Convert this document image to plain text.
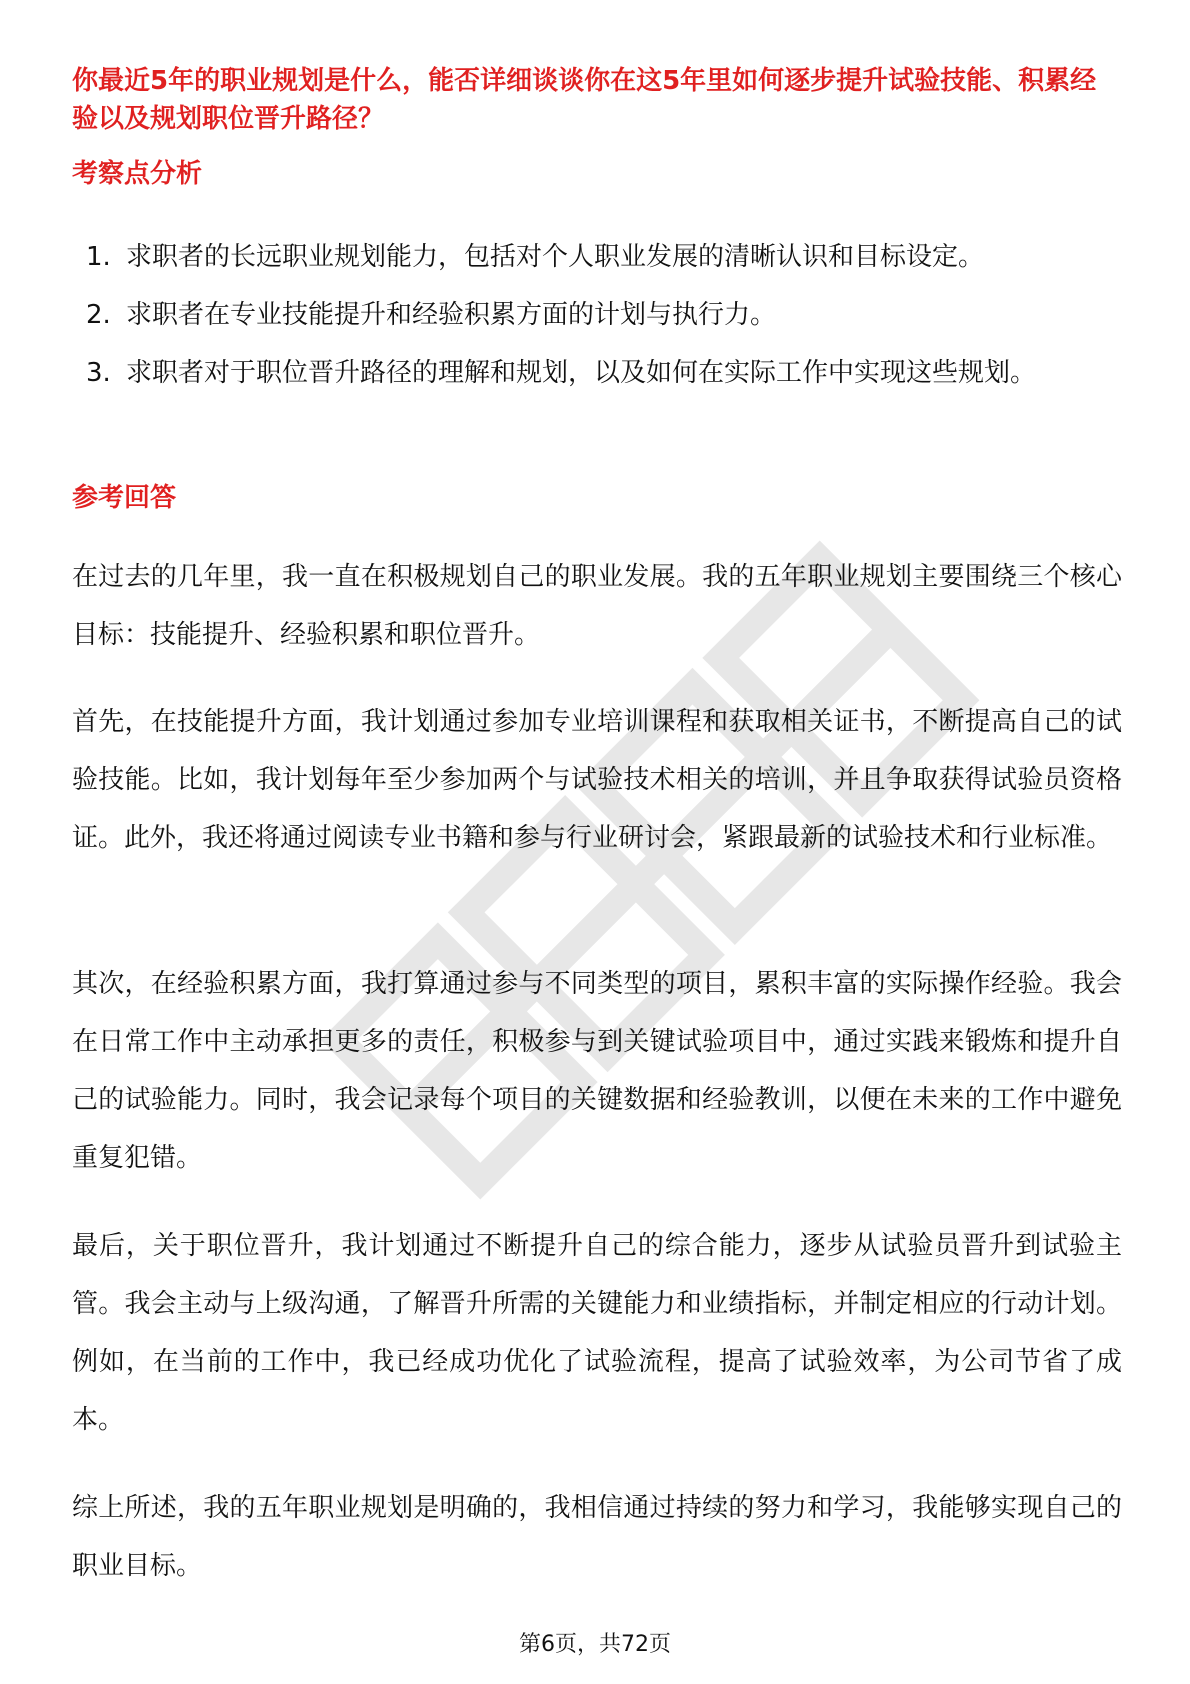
你最近5年的职业规划是什么，能否详细谈谈你在这5年里如何逐步提升试验技能、积累经验以及规划职位晋升路径？
考察点分析
1. 求职者的长远职业规划能力，包括对个人职业发展的清晰认识和目标设定。
2. 求职者在专业技能提升和经验积累方面的计划与执行力。
3. 求职者对于职位晋升路径的理解和规划，以及如何在实际工作中实现这些规划。
参考回答

在过去的几年里，我一直在积极规划自己的职业发展。我的五年职业规划主要围绕三个核心目标：技能提升、经验积累和职位晋升。

首先，在技能提升方面，我计划通过参加专业培训课程和获取相关证书，不断提高自己的试验技能。比如，我计划每年至少参加两个与试验技术相关的培训，并且争取获得试验员资格证。此外，我还将通过阅读专业书籍和参与行业研讨会，紧跟最新的试验技术和行业标准。

其次，在经验积累方面，我打算通过参与不同类型的项目，累积丰富的实际操作经验。我会在日常工作中主动承担更多的责任，积极参与到关键试验项目中，通过实践来锻炼和提升自己的试验能力。同时，我会记录每个项目的关键数据和经验教训，以便在未来的工作中避免重复犯错。

最后，关于职位晋升，我计划通过不断提升自己的综合能力，逐步从试验员晋升到试验主管。我会主动与上级沟通，了解晋升所需的关键能力和业绩指标，并制定相应的行动计划。例如，在当前的工作中，我已经成功优化了试验流程，提高了试验效率，为公司节省了成本。

综上所述，我的五年职业规划是明确的，我相信通过持续的努力和学习，我能够实现自己的职业目标。

第6页，共72页
